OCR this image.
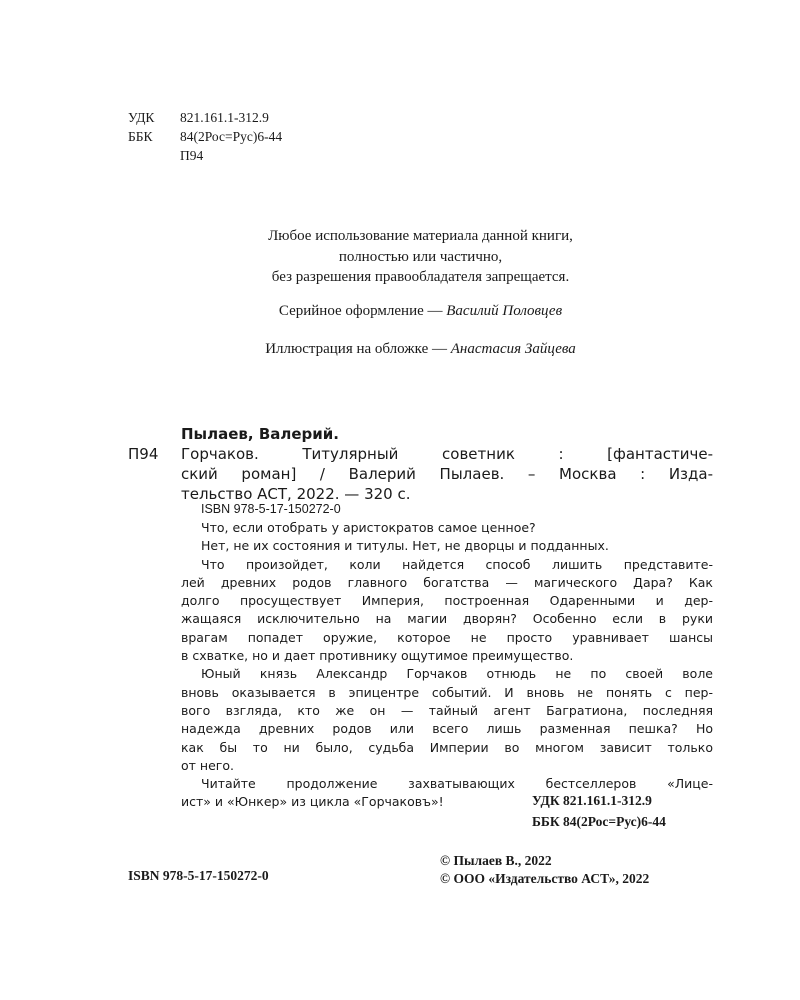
УДК	821.161.1-312.9
ББК	84(2Рос=Рус)6-44
П94
Любое использование материала данной книги,
полностью или частично,
без разрешения правообладателя запрещается.
Серийное оформление — Василий Половцев
Иллюстрация на обложке — Анастасия Зайцева
Пылаев, Валерий.
П94 Горчаков. Титулярный советник : [фантастиче-
ский роман] / Валерий Пылаев. – Москва : Изда-
тельство АСТ, 2022. — 320 с.
ISBN 978-5-17-150272-0
Что, если отобрать у аристократов самое ценное?
Нет, не их состояния и титулы. Нет, не дворцы и подданных.
Что произойдет, коли найдется способ лишить представите-
лей древних родов главного богатства — магического Дара? Как
долго просуществует Империя, построенная Одаренными и дер-
жащаяся исключительно на магии дворян? Особенно если в руки
врагам попадет оружие, которое не просто уравнивает шансы
в схватке, но и дает противнику ощутимое преимущество.
Юный князь Александр Горчаков отнюдь не по своей воле
вновь оказывается в эпицентре событий. И вновь не понять с пер-
вого взгляда, кто же он — тайный агент Багратиона, последняя
надежда древних родов или всего лишь разменная пешка? Но
как бы то ни было, судьба Империи во многом зависит только
от него.
Читайте продолжение захватывающих бестселлеров «Лице-
ист» и «Юнкер» из цикла «Горчаковъ»!	УДК 821.161.1-312.9
ББК 84(2Рос=Рус)6-44
ISBN 978-5-17-150272-0
© Пылаев В., 2022
© ООО «Издательство АСТ», 2022
